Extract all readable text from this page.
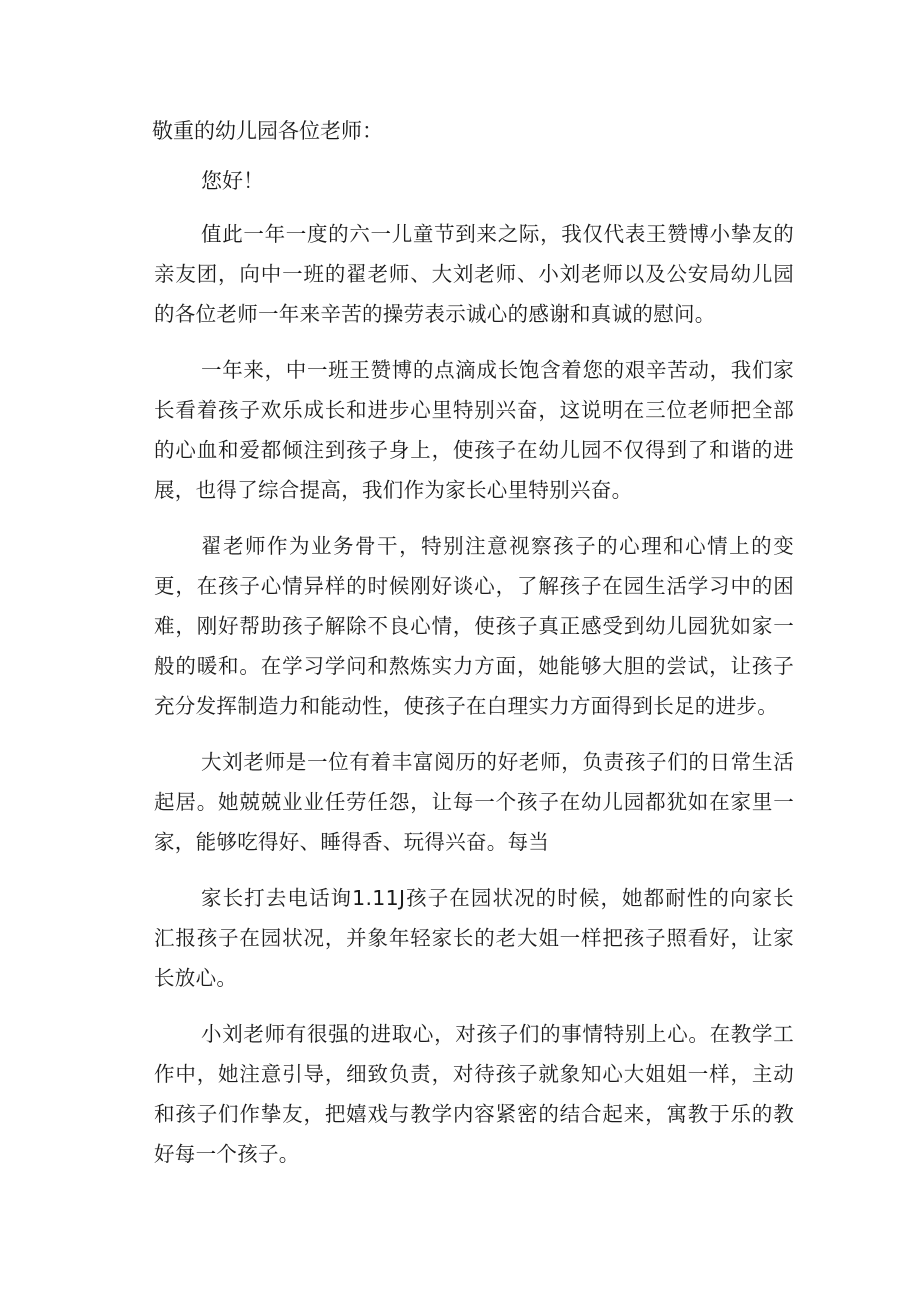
敬重的幼儿园各位老师：
您好！

值此一年一度的六一儿童节到来之际，我仅代表王赞博小挚友的亲友团，向中一班的翟老师、大刘老师、小刘老师以及公安局幼儿园的各位老师一年来辛苦的操劳表示诚心的感谢和真诚的慰问。

一年来，中一班王赞博的点滴成长饱含着您的艰辛苦动，我们家长看着孩子欢乐成长和进步心里特别兴奋，这说明在三位老师把全部的心血和爱都倾注到孩子身上，使孩子在幼儿园不仅得到了和谐的进展，也得了综合提高，我们作为家长心里特别兴奋。

翟老师作为业务骨干，特别注意视察孩子的心理和心情上的变更，在孩子心情异样的时候刚好谈心，了解孩子在园生活学习中的困难，刚好帮助孩子解除不良心情，使孩子真正感受到幼儿园犹如家一般的暖和。在学习学问和熬炼实力方面，她能够大胆的尝试，让孩子充分发挥制造力和能动性，使孩子在白理实力方面得到长足的进步。

大刘老师是一位有着丰富阅历的好老师，负责孩子们的日常生活起居。她兢兢业业任劳任怨，让每一个孩子在幼儿园都犹如在家里一家，能够吃得好、睡得香、玩得兴奋。每当

家长打去电话询1.11J孩子在园状况的时候，她都耐性的向家长汇报孩子在园状况，并象年轻家长的老大姐一样把孩子照看好，让家长放心。

小刘老师有很强的进取心，对孩子们的事情特别上心。在教学工作中，她注意引导，细致负责，对待孩子就象知心大姐姐一样，主动和孩子们作挚友，把嬉戏与教学内容紧密的结合起来，寓教于乐的教好每一个孩子。
